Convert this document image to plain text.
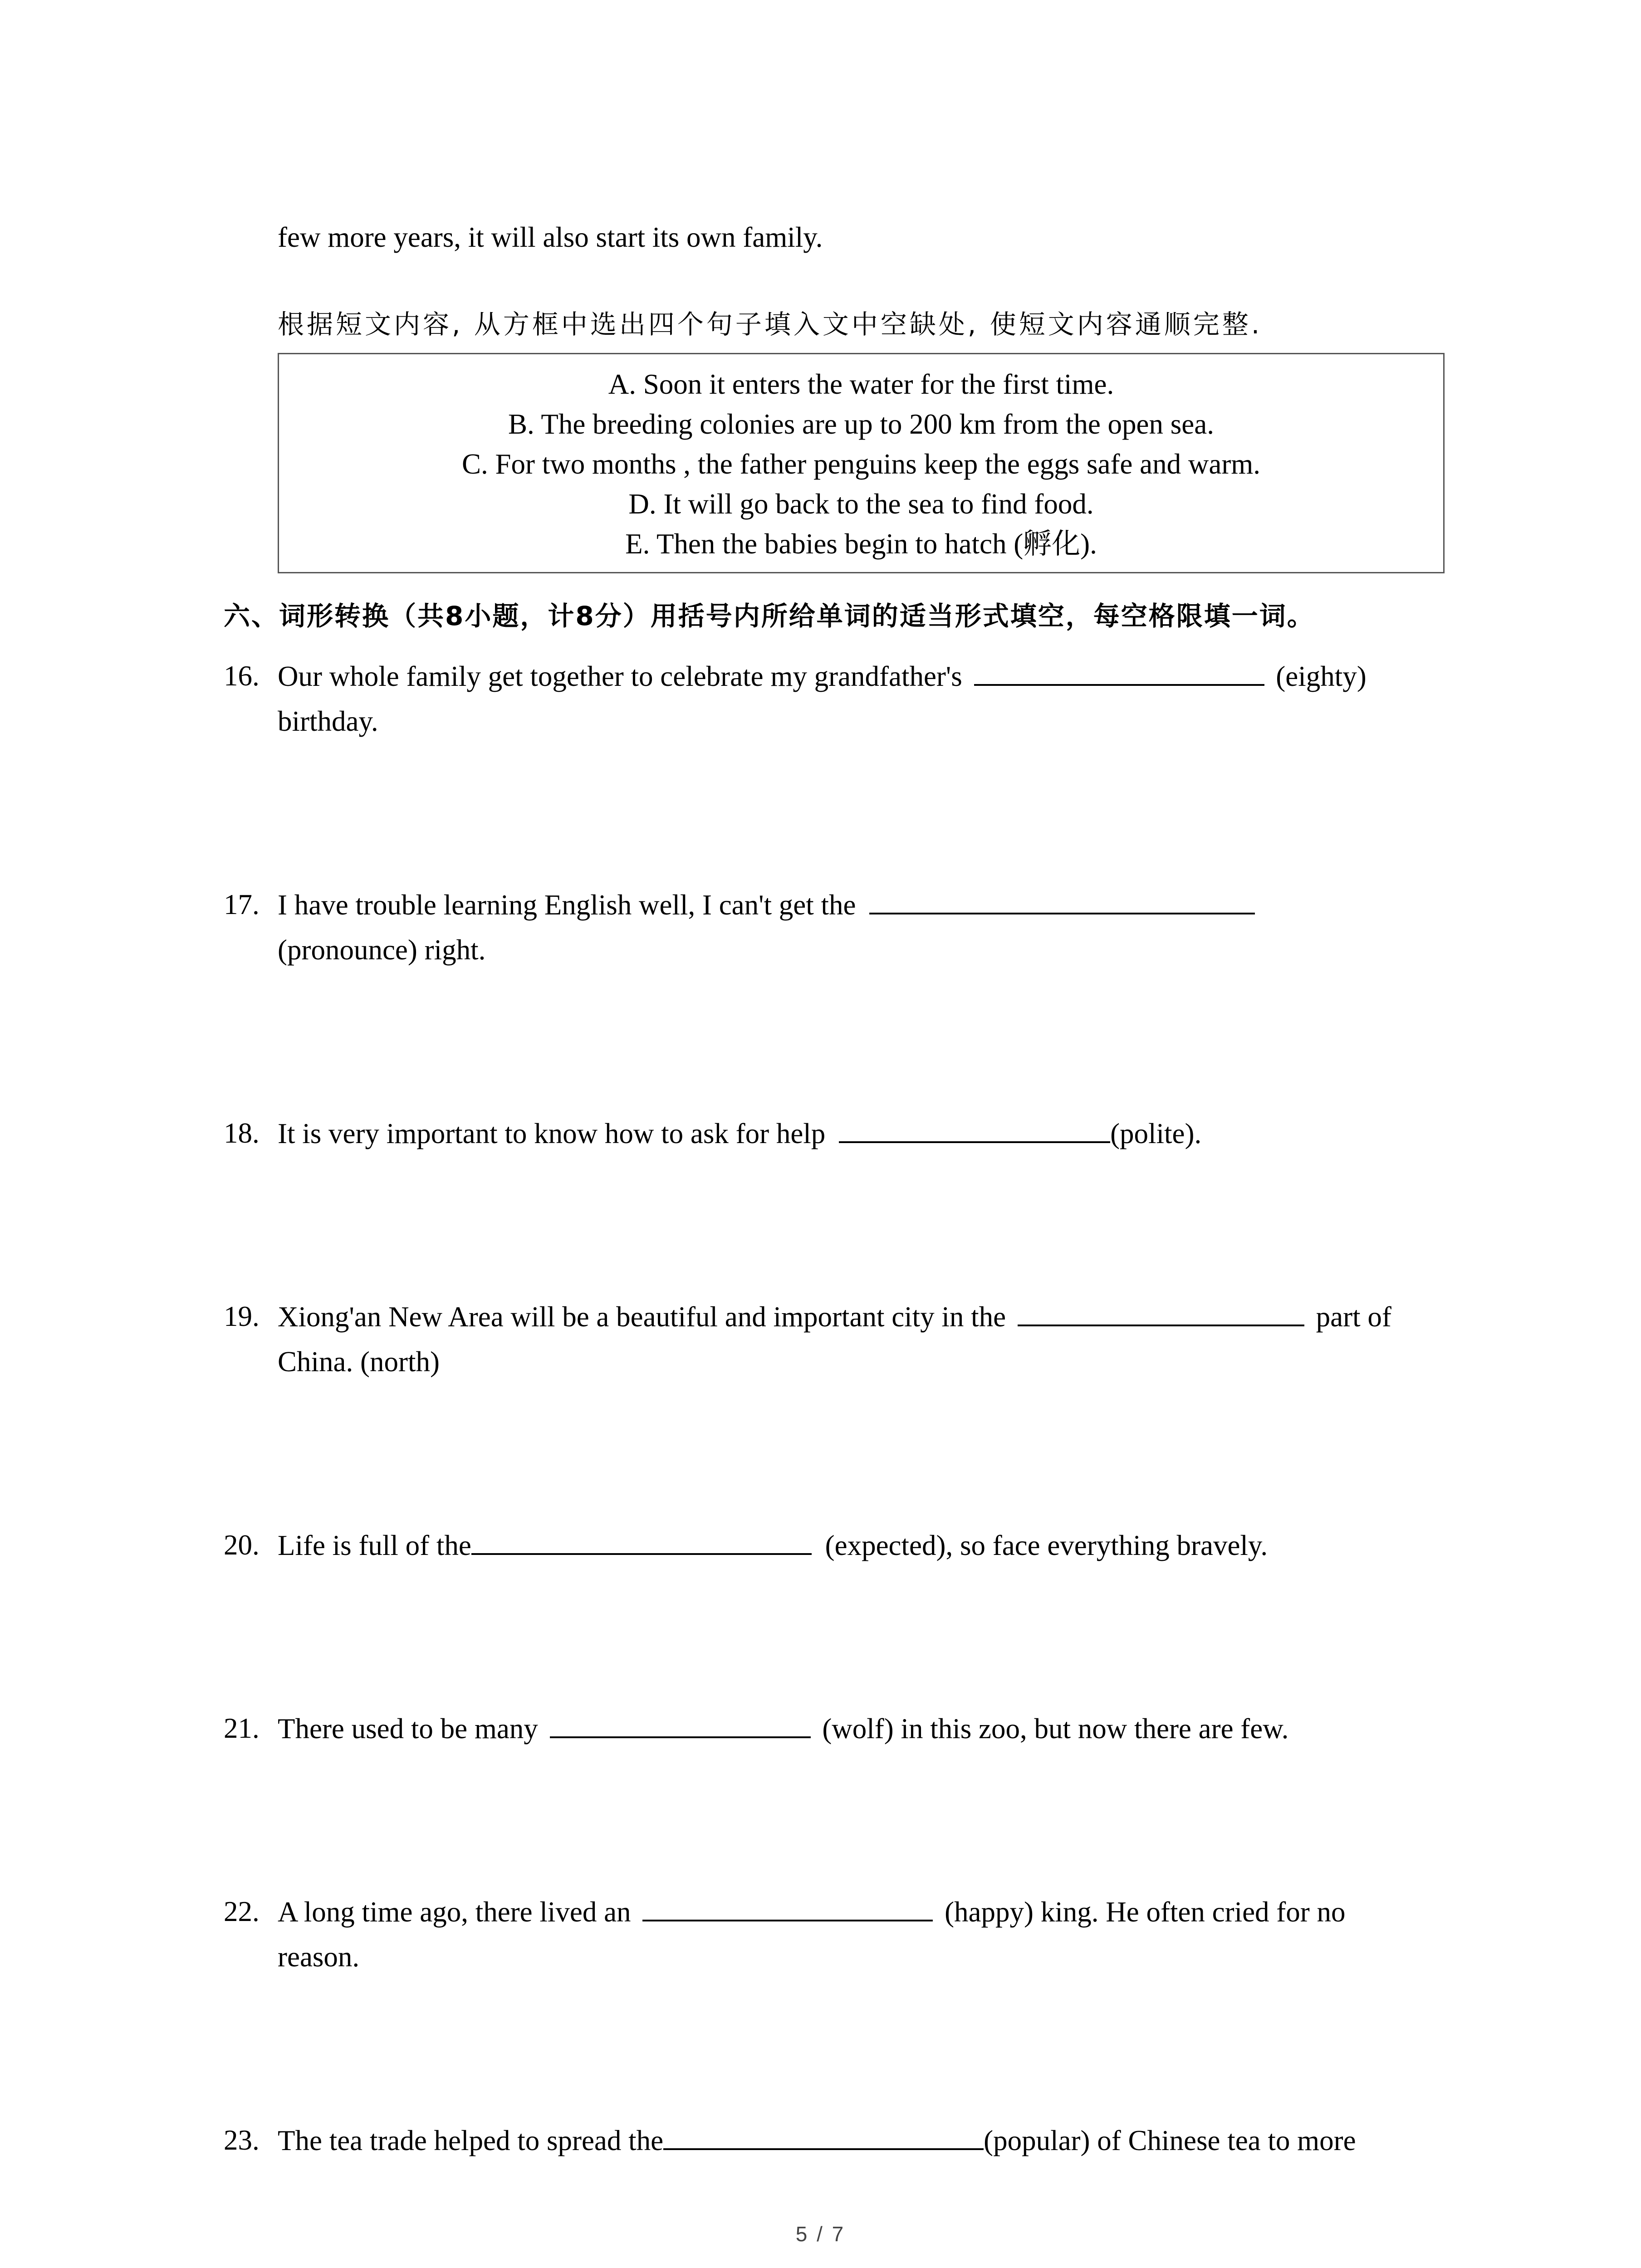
few more years, it will also start its own family.
根据短文内容, 从方框中选出四个句子填入文中空缺处, 使短文内容通顺完整.
A. Soon it enters the water for the first time.
B. The breeding colonies are up to 200 km from the open sea.
C. For two months , the father penguins keep the eggs safe and warm.
D. It will go back to the sea to find food.
E. Then the babies begin to hatch (孵化).
六、词形转换（共8小题，计8分）用括号内所给单词的适当形式填空，每空格限填一词。
16. Our whole family get together to celebrate my grandfather's	(eighty)
birthday.
17. I have trouble learning English well, I can't get the
(pronounce) right.
18. It is very important to know how to ask for help	(polite).
19. Xiong'an New Area will be a beautiful and important city in the	part of
China. (north)
20. Life is full of the	(expected), so face everything bravely.
21. There used to be many	(wolf) in this zoo, but now there are few.
22. A long time ago, there lived an	(happy) king. He often cried for no
reason.
23. The tea trade helped to spread the	(popular) of Chinese tea to more
5 / 7
